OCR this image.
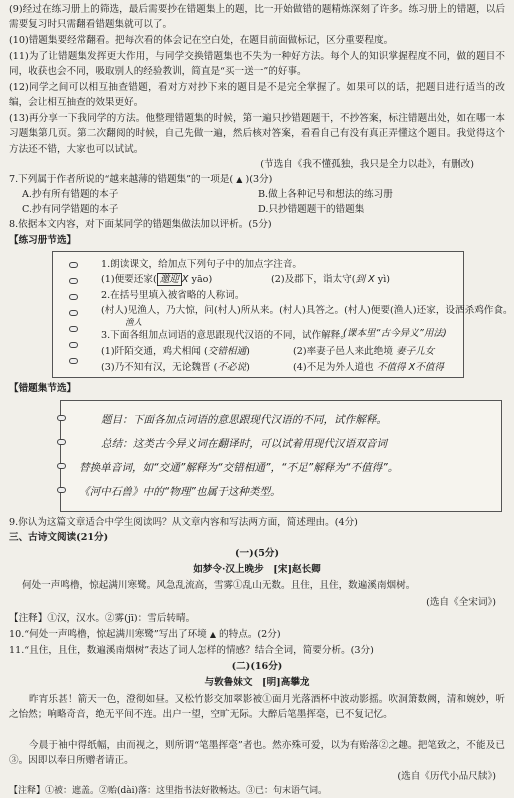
(9)经过在练习册上的筛选，最后需要抄在错题集上的题，比一开始做错的题精炼深刻了许多。练习册上的错题，以后需要复习时只需翻看错题集就可以了。
(10)错题集要经常翻看。把每次看的体会记在空白处，在题目前面做标记，区分重要程度。
(11)为了让错题集发挥更大作用，与同学交换错题集也不失为一种好方法。每个人的知识掌握程度不同，做的题目不同，收获也会不同，吸取别人的经验教训，简直是“买一送一”的好事。
(12)同学之间可以相互抽查错题，看对方对抄下来的题目是不是完全掌握了。如果可以的话，把题目进行适当的改编，会让相互抽查的效果更好。
(13)再分享一下我同学的方法。他整理错题集的时候，第一遍只抄错题题干，不抄答案，标注错题出处，如在哪一本习题集第几页。第二次翻阅的时候，自己先做一遍，然后核对答案，看看自己有没有真正弄懂这个题目。我觉得这个方法还不错，大家也可以试试。
(节选自《我不懂孤独，我只是全力以赴》，有删改)
7.下列属于作者所说的“越来越薄的错题集”的一项是( ▲ )(3分)
A.抄有所有错题的本子	B.做上各种记号和想法的练习册
C.抄有同学错题的本子	D.只抄错题题干的错题集
8.依据本文内容，对下面某同学的错题集做法加以评析。(5分)
【练习册节选】
1.朗读课文，给加点下列句子中的加点字注音。
(1)便要还家( 邀迎 X yāo)	(2)及郡下，诣太守(到 X yì)
2.在括号里填入被省略的人称词。
(村人)见渔人，乃大惊，问(村人)所从来。(村人)具答之。(村人)便要(渔人)还家，设酒杀鸡作食。
渔人
3.下面各组加点词语的意思跟现代汉语的不同，试作解释。
(课本里“古今异义”用法)
(1)阡陌交通，鸡犬相闻 (交错相通)	(2)率妻子邑人来此绝境 妻子儿女
(3)乃不知有汉，无论魏晋 (不必说)	(4)不足为外人道也 不值得 X不值得
【错题集节选】
题目：下面各加点词语的意思跟现代汉语的不同，试作解释。
总结：这类古今异义词在翻译时，可以试着用现代汉语双音词
替换单音词，如“交通”解释为“交错相通”，“不足”解释为“不值得”。
《河中石兽》中的“物理”也属于这种类型。
9.你认为这篇文章适合中学生阅读吗？从文章内容和写法两方面，简述理由。(4分)
三、古诗文阅读(21分)
(一)(5分)
如梦令·汉上晚步　[宋]赵长卿
何处一声鸣橹，惊起满川寒鹭。风急乱流高，雪雾①乱山无数。且住，且住，数遍溪南烟树。
(选自《全宋词》)
【注释】①汉，汉水。②雾(jī)：雪后转晴。
10.“何处一声鸣橹，惊起满川寒鹭”写出了环境 ▲ 的特点。(2分)
11.“且住，且住，数遍溪南烟树”表达了词人怎样的情感？结合全词，简要分析。(3分)
(二)(16分)
与敦鲁妹文　[明]高攀龙
昨宵乐甚！箭天一色，澄彻如昼。又松竹影交加翠影被①面月光落酒杯中波动影摇。吹洞箫数阙，清和婉妙，听之怡然；响略奇音，绝无平间不连。出户一望，空旷无际。大醉后笔墨挥毫，已不复记忆。
今晨于袖中得纸幅，由而视之，则所谓“笔墨挥毫”者也。然亦殊可爱，以为有贻落②之趣。把笔致之，不能及已③。因即以奉日所赠者请正。
(选自《历代小品尺牍》)
【注释】①被：遮盖。②贻(dài)落：这里指书法好散畅达。③已：句末语气词。
